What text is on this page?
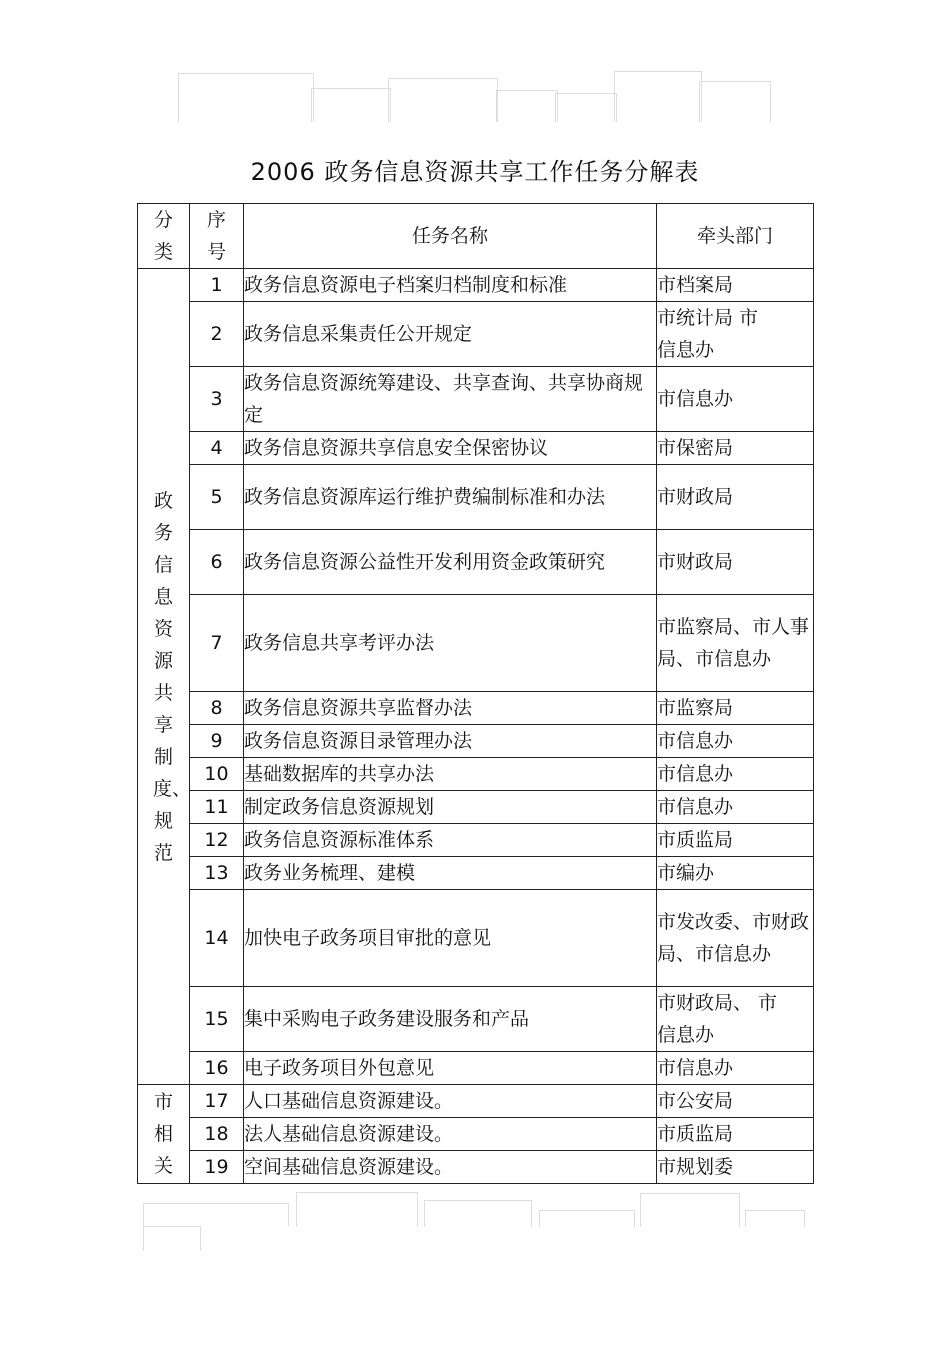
2006 政务信息资源共享工作任务分解表
分类	序号	任务名称	牵头部门

政务信息资源共享制度、规范	1	政务信息资源电子档案归档制度和标准	市档案局
	2	政务信息采集责任公开规定	市统计局 市信息办
	3	政务信息资源统筹建设、共享查询、共享协商规定	市信息办
	4	政务信息资源共享信息安全保密协议	市保密局
	5	政务信息资源库运行维护费编制标准和办法	市财政局
	6	政务信息资源公益性开发利用资金政策研究	市财政局
	7	政务信息共享考评办法	市监察局、市人事局、市信息办
	8	政务信息资源共享监督办法	市监察局
	9	政务信息资源目录管理办法	市信息办
	10	基础数据库的共享办法	市信息办
	11	制定政务信息资源规划	市信息办
	12	政务信息资源标准体系	市质监局
	13	政务业务梳理、建模	市编办
	14	加快电子政务项目审批的意见	市发改委、市财政局、市信息办
	15	集中采购电子政务建设服务和产品	市财政局、 市信息办
	16	电子政务项目外包意见	市信息办

市相关	17	人口基础信息资源建设。	市公安局
	18	法人基础信息资源建设。	市质监局
	19	空间基础信息资源建设。	市规划委
